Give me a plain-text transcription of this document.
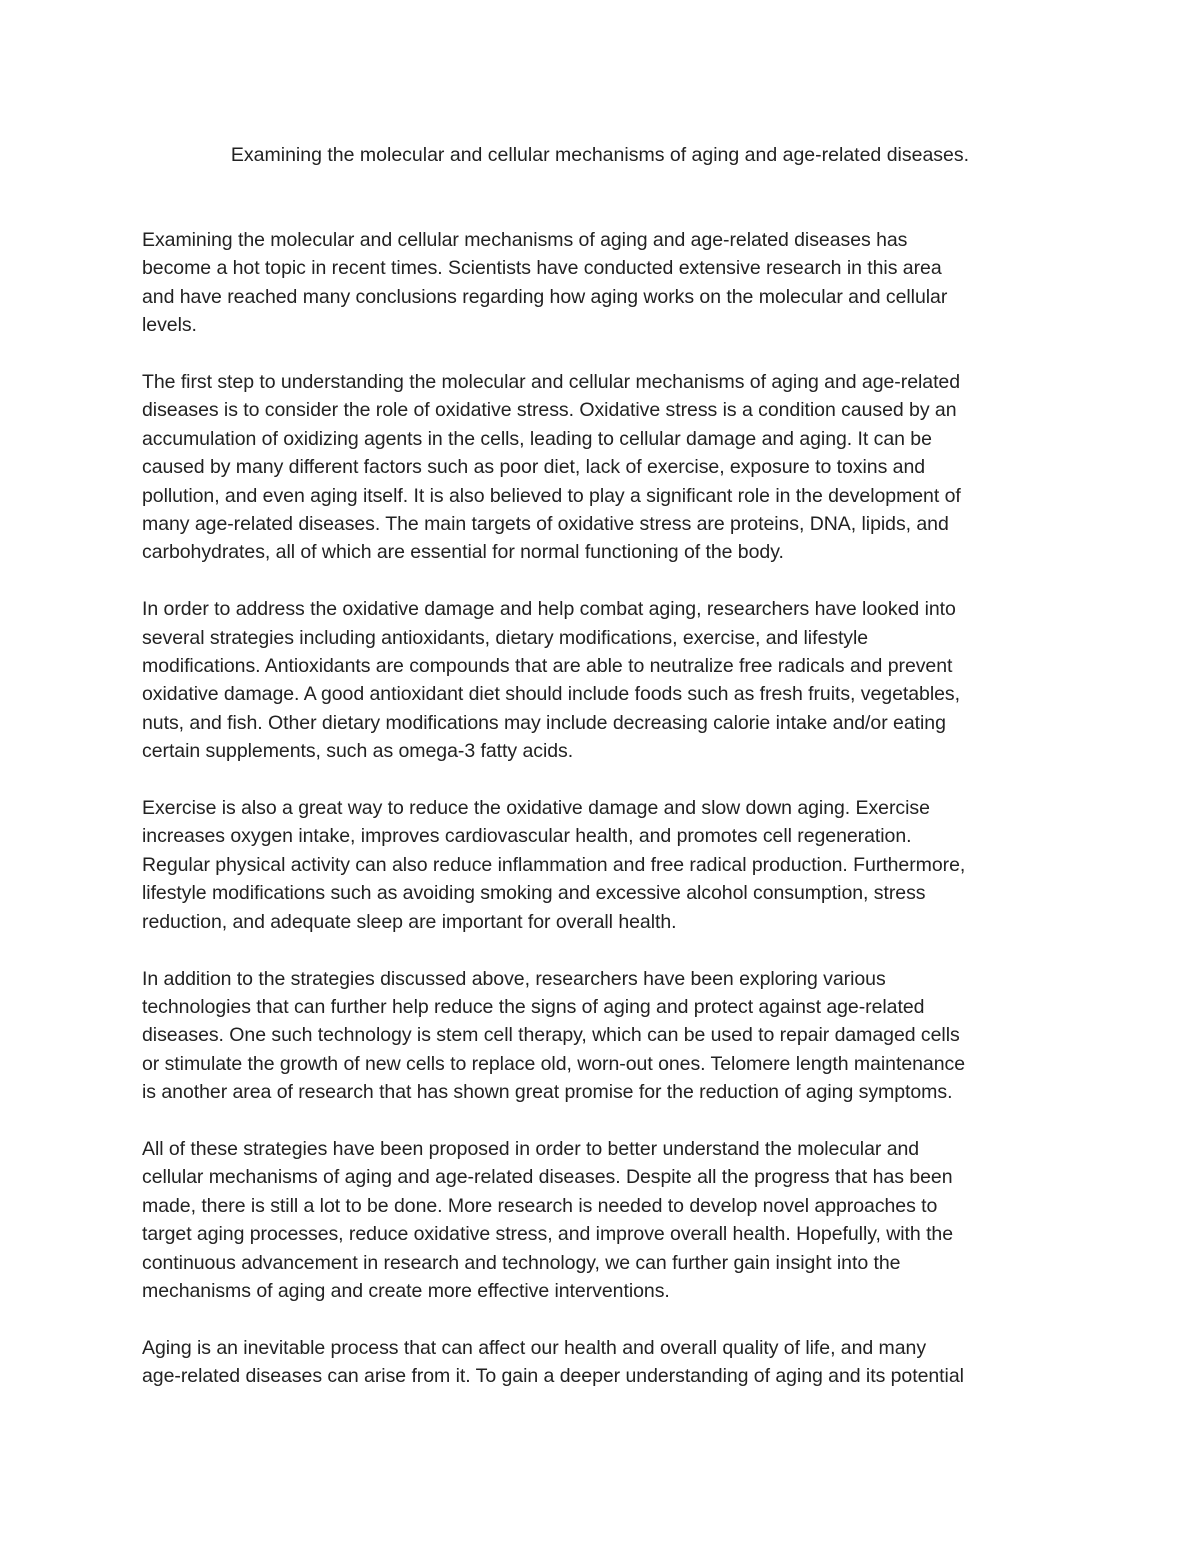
Examining the molecular and cellular mechanisms of aging and age-related diseases.

Examining the molecular and cellular mechanisms of aging and age-related diseases has
become a hot topic in recent times. Scientists have conducted extensive research in this area
and have reached many conclusions regarding how aging works on the molecular and cellular
levels.

The first step to understanding the molecular and cellular mechanisms of aging and age-related
diseases is to consider the role of oxidative stress. Oxidative stress is a condition caused by an
accumulation of oxidizing agents in the cells, leading to cellular damage and aging. It can be
caused by many different factors such as poor diet, lack of exercise, exposure to toxins and
pollution, and even aging itself. It is also believed to play a significant role in the development of
many age-related diseases. The main targets of oxidative stress are proteins, DNA, lipids, and
carbohydrates, all of which are essential for normal functioning of the body.

In order to address the oxidative damage and help combat aging, researchers have looked into
several strategies including antioxidants, dietary modifications, exercise, and lifestyle
modifications. Antioxidants are compounds that are able to neutralize free radicals and prevent
oxidative damage. A good antioxidant diet should include foods such as fresh fruits, vegetables,
nuts, and fish. Other dietary modifications may include decreasing calorie intake and/or eating
certain supplements, such as omega-3 fatty acids.

Exercise is also a great way to reduce the oxidative damage and slow down aging. Exercise
increases oxygen intake, improves cardiovascular health, and promotes cell regeneration.
Regular physical activity can also reduce inflammation and free radical production. Furthermore,
lifestyle modifications such as avoiding smoking and excessive alcohol consumption, stress
reduction, and adequate sleep are important for overall health.

In addition to the strategies discussed above, researchers have been exploring various
technologies that can further help reduce the signs of aging and protect against age-related
diseases. One such technology is stem cell therapy, which can be used to repair damaged cells
or stimulate the growth of new cells to replace old, worn-out ones. Telomere length maintenance
is another area of research that has shown great promise for the reduction of aging symptoms.

All of these strategies have been proposed in order to better understand the molecular and
cellular mechanisms of aging and age-related diseases. Despite all the progress that has been
made, there is still a lot to be done. More research is needed to develop novel approaches to
target aging processes, reduce oxidative stress, and improve overall health. Hopefully, with the
continuous advancement in research and technology, we can further gain insight into the
mechanisms of aging and create more effective interventions.

Aging is an inevitable process that can affect our health and overall quality of life, and many
age-related diseases can arise from it. To gain a deeper understanding of aging and its potential
